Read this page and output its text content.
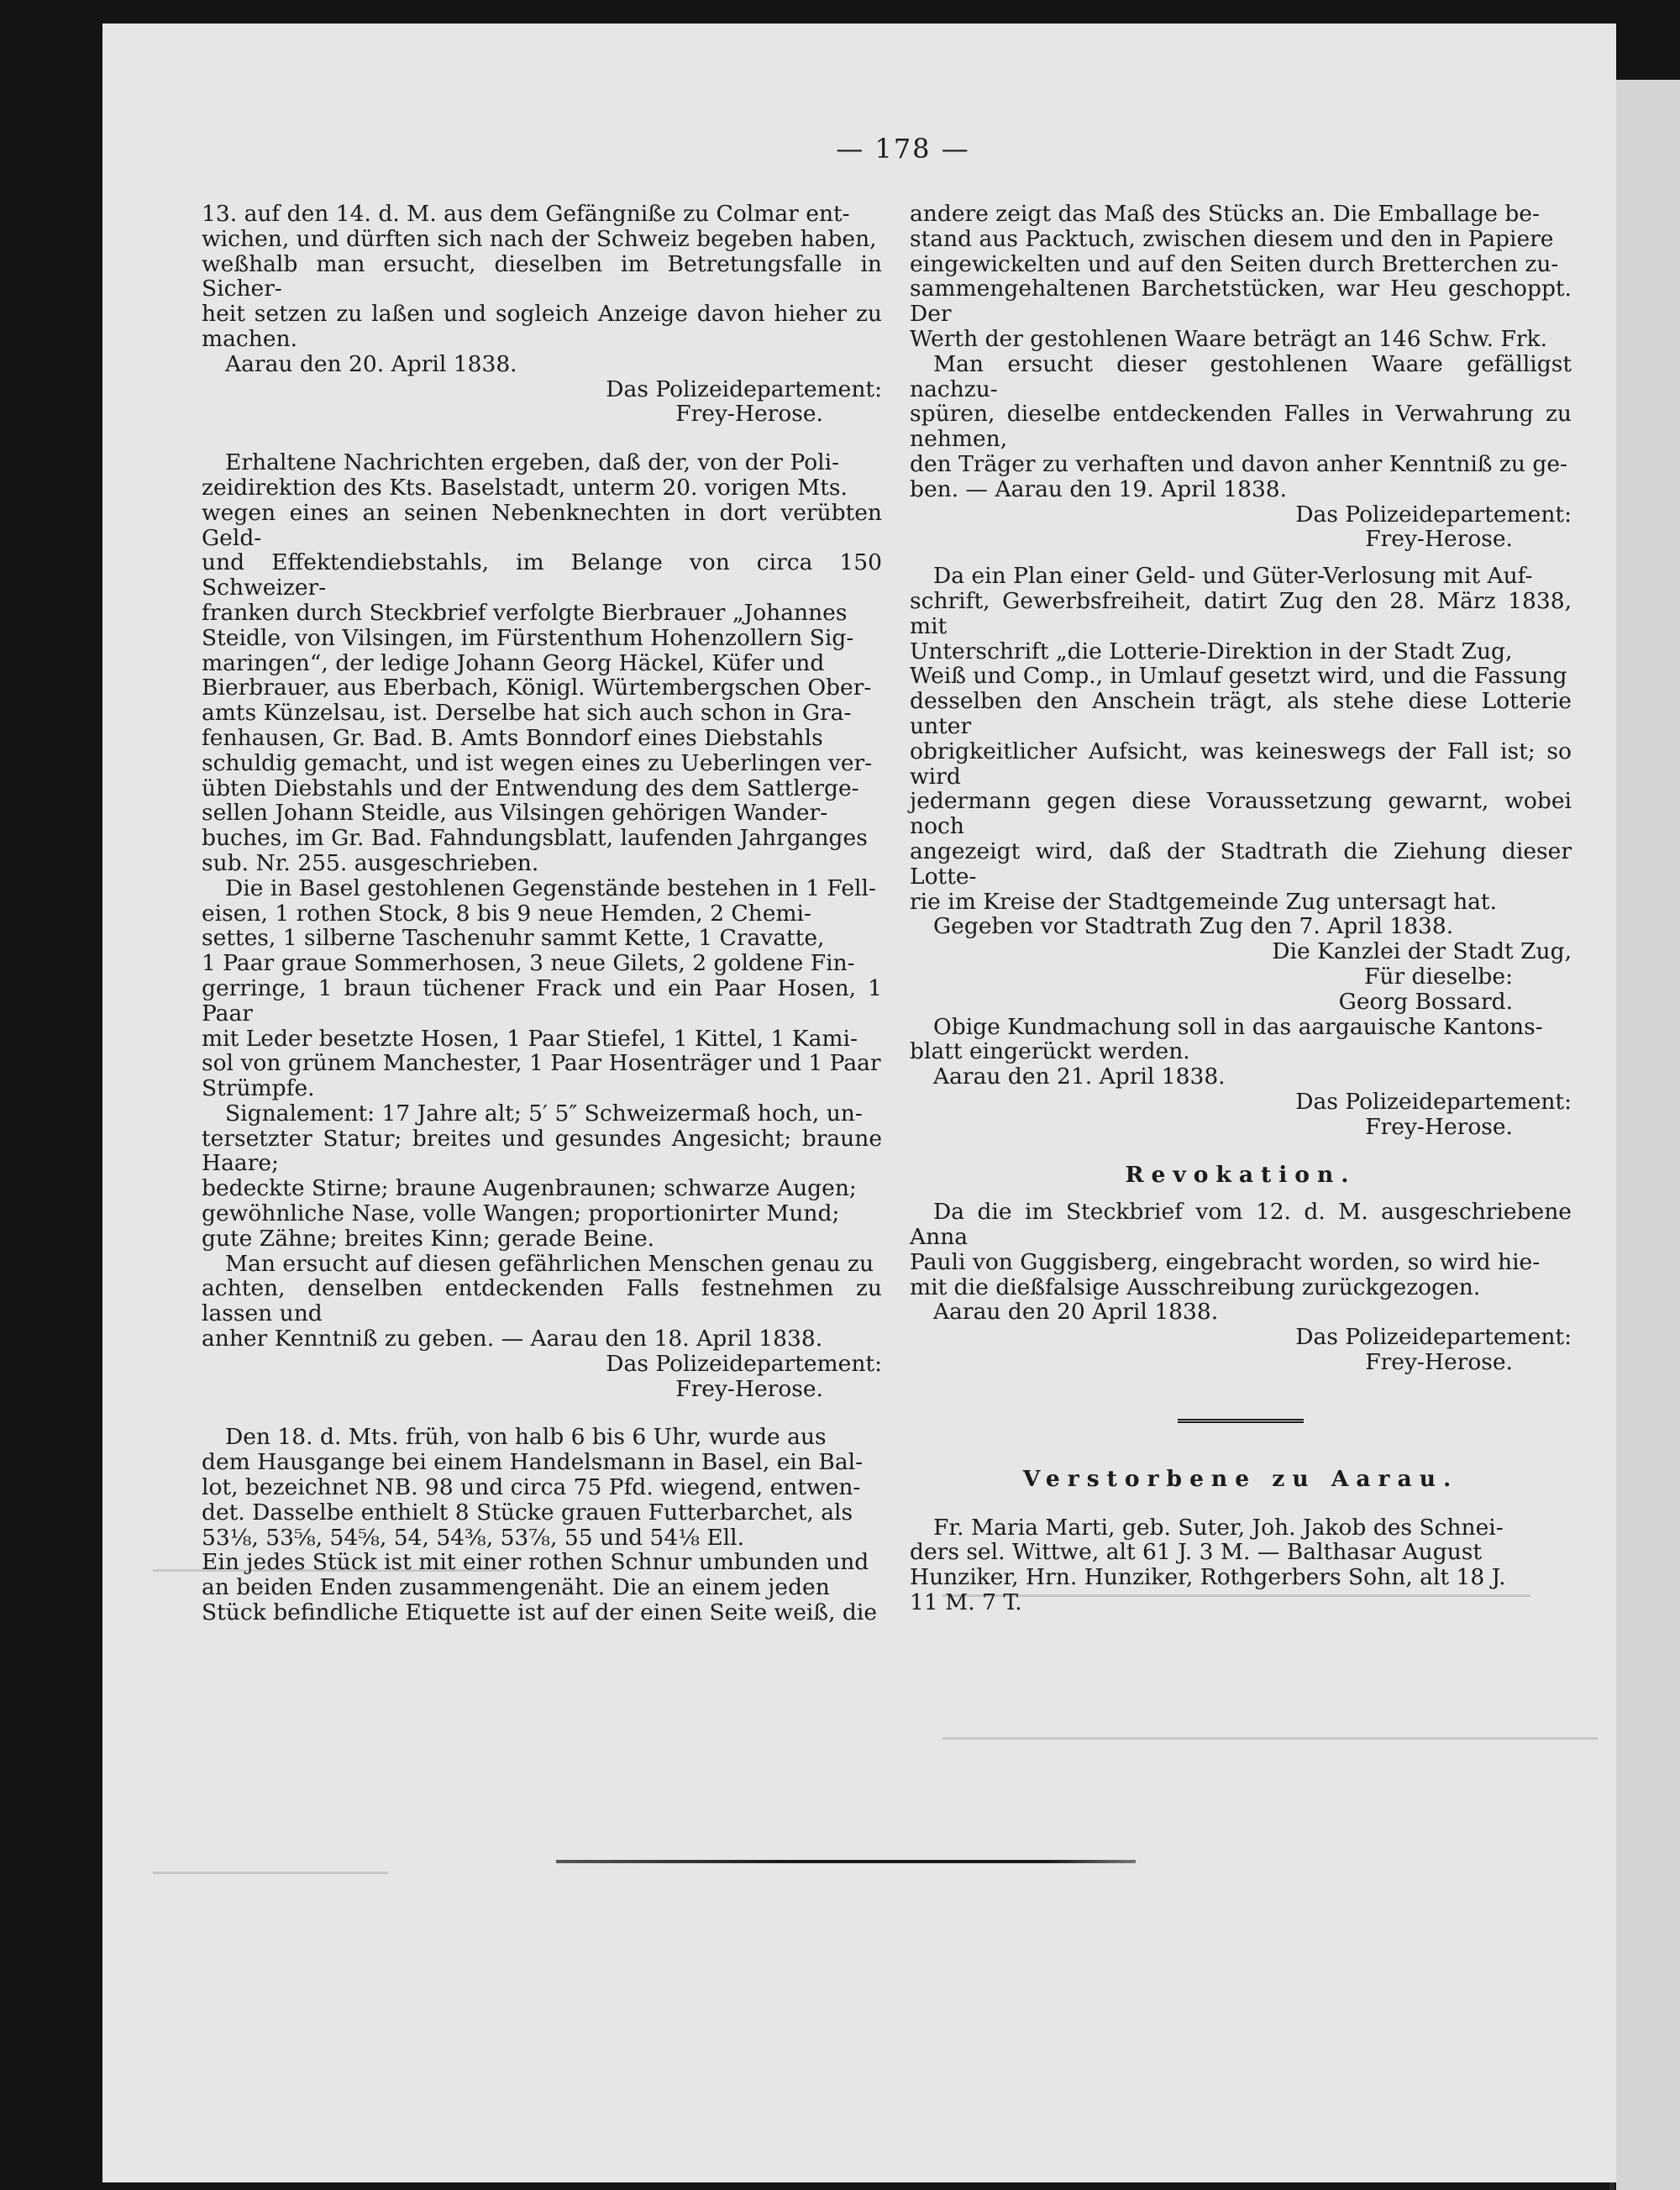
— 178 —

13. auf den 14. d. M. aus dem Gefängniße zu Colmar ent-

wichen, und dürften sich nach der Schweiz begeben haben,

weßhalb man ersucht, dieselben im Betretungsfalle in Sicher-

heit setzen zu laßen und sogleich Anzeige davon hieher zu machen.

Aarau den 20. April 1838.

Das Polizeidepartement:

Frey-Herose.

Erhaltene Nachrichten ergeben, daß der, von der Poli-

zeidirektion des Kts. Baselstadt, unterm 20. vorigen Mts.

wegen eines an seinen Nebenknechten in dort verübten Geld-

und Effektendiebstahls, im Belange von circa 150 Schweizer-

franken durch Steckbrief verfolgte Bierbrauer „Johannes

Steidle, von Vilsingen, im Fürstenthum Hohenzollern Sig-

maringen“, der ledige Johann Georg Häckel, Küfer und

Bierbrauer, aus Eberbach, Königl. Würtembergschen Ober-

amts Künzelsau, ist. Derselbe hat sich auch schon in Gra-

fenhausen, Gr. Bad. B. Amts Bonndorf eines Diebstahls

schuldig gemacht, und ist wegen eines zu Ueberlingen ver-

übten Diebstahls und der Entwendung des dem Sattlerge-

sellen Johann Steidle, aus Vilsingen gehörigen Wander-

buches, im Gr. Bad. Fahndungsblatt, laufenden Jahrganges

sub. Nr. 255. ausgeschrieben.

Die in Basel gestohlenen Gegenstände bestehen in 1 Fell-

eisen, 1 rothen Stock, 8 bis 9 neue Hemden, 2 Chemi-

settes, 1 silberne Taschenuhr sammt Kette, 1 Cravatte,

1 Paar graue Sommerhosen, 3 neue Gilets, 2 goldene Fin-

gerringe, 1 braun tüchener Frack und ein Paar Hosen, 1 Paar

mit Leder besetzte Hosen, 1 Paar Stiefel, 1 Kittel, 1 Kami-

sol von grünem Manchester, 1 Paar Hosenträger und 1 Paar

Strümpfe.

Signalement: 17 Jahre alt; 5′ 5″ Schweizermaß hoch, un-

tersetzter Statur; breites und gesundes Angesicht; braune Haare;

bedeckte Stirne; braune Augenbraunen; schwarze Augen;

gewöhnliche Nase, volle Wangen; proportionirter Mund;

gute Zähne; breites Kinn; gerade Beine.

Man ersucht auf diesen gefährlichen Menschen genau zu

achten, denselben entdeckenden Falls festnehmen zu lassen und

anher Kenntniß zu geben. — Aarau den 18. April 1838.

Das Polizeidepartement:

Frey-Herose.

Den 18. d. Mts. früh, von halb 6 bis 6 Uhr, wurde aus

dem Hausgange bei einem Handelsmann in Basel, ein Bal-

lot, bezeichnet NB. 98 und circa 75 Pfd. wiegend, entwen-

det. Dasselbe enthielt 8 Stücke grauen Futterbarchet, als

53⅛, 53⅝, 54⅝, 54, 54⅜, 53⅞, 55 und 54⅛ Ell.

Ein jedes Stück ist mit einer rothen Schnur umbunden und

an beiden Enden zusammengenäht. Die an einem jeden

Stück befindliche Etiquette ist auf der einen Seite weiß, die

andere zeigt das Maß des Stücks an. Die Emballage be-

stand aus Packtuch, zwischen diesem und den in Papiere

eingewickelten und auf den Seiten durch Bretterchen zu-

sammengehaltenen Barchetstücken, war Heu geschoppt. Der

Werth der gestohlenen Waare beträgt an 146 Schw. Frk.

Man ersucht dieser gestohlenen Waare gefälligst nachzu-

spüren, dieselbe entdeckenden Falles in Verwahrung zu nehmen,

den Träger zu verhaften und davon anher Kenntniß zu ge-

ben. — Aarau den 19. April 1838.

Das Polizeidepartement:

Frey-Herose.

Da ein Plan einer Geld- und Güter-Verlosung mit Auf-

schrift, Gewerbsfreiheit, datirt Zug den 28. März 1838, mit

Unterschrift „die Lotterie-Direktion in der Stadt Zug,

Weiß und Comp., in Umlauf gesetzt wird, und die Fassung

desselben den Anschein trägt, als stehe diese Lotterie unter

obrigkeitlicher Aufsicht, was keineswegs der Fall ist; so wird

jedermann gegen diese Voraussetzung gewarnt, wobei noch

angezeigt wird, daß der Stadtrath die Ziehung dieser Lotte-

rie im Kreise der Stadtgemeinde Zug untersagt hat.

Gegeben vor Stadtrath Zug den 7. April 1838.

Die Kanzlei der Stadt Zug,

Für dieselbe:

Georg Bossard.

Obige Kundmachung soll in das aargauische Kantons-

blatt eingerückt werden.

Aarau den 21. April 1838.

Das Polizeidepartement:

Frey-Herose.

Revokation.

Da die im Steckbrief vom 12. d. M. ausgeschriebene Anna

Pauli von Guggisberg, eingebracht worden, so wird hie-

mit die dießfalsige Ausschreibung zurückgezogen.

Aarau den 20 April 1838.

Das Polizeidepartement:

Frey-Herose.

Verstorbene zu Aarau.

Fr. Maria Marti, geb. Suter, Joh. Jakob des Schnei-

ders sel. Wittwe, alt 61 J. 3 M. — Balthasar August

Hunziker, Hrn. Hunziker, Rothgerbers Sohn, alt 18 J.

11 M. 7 T.
